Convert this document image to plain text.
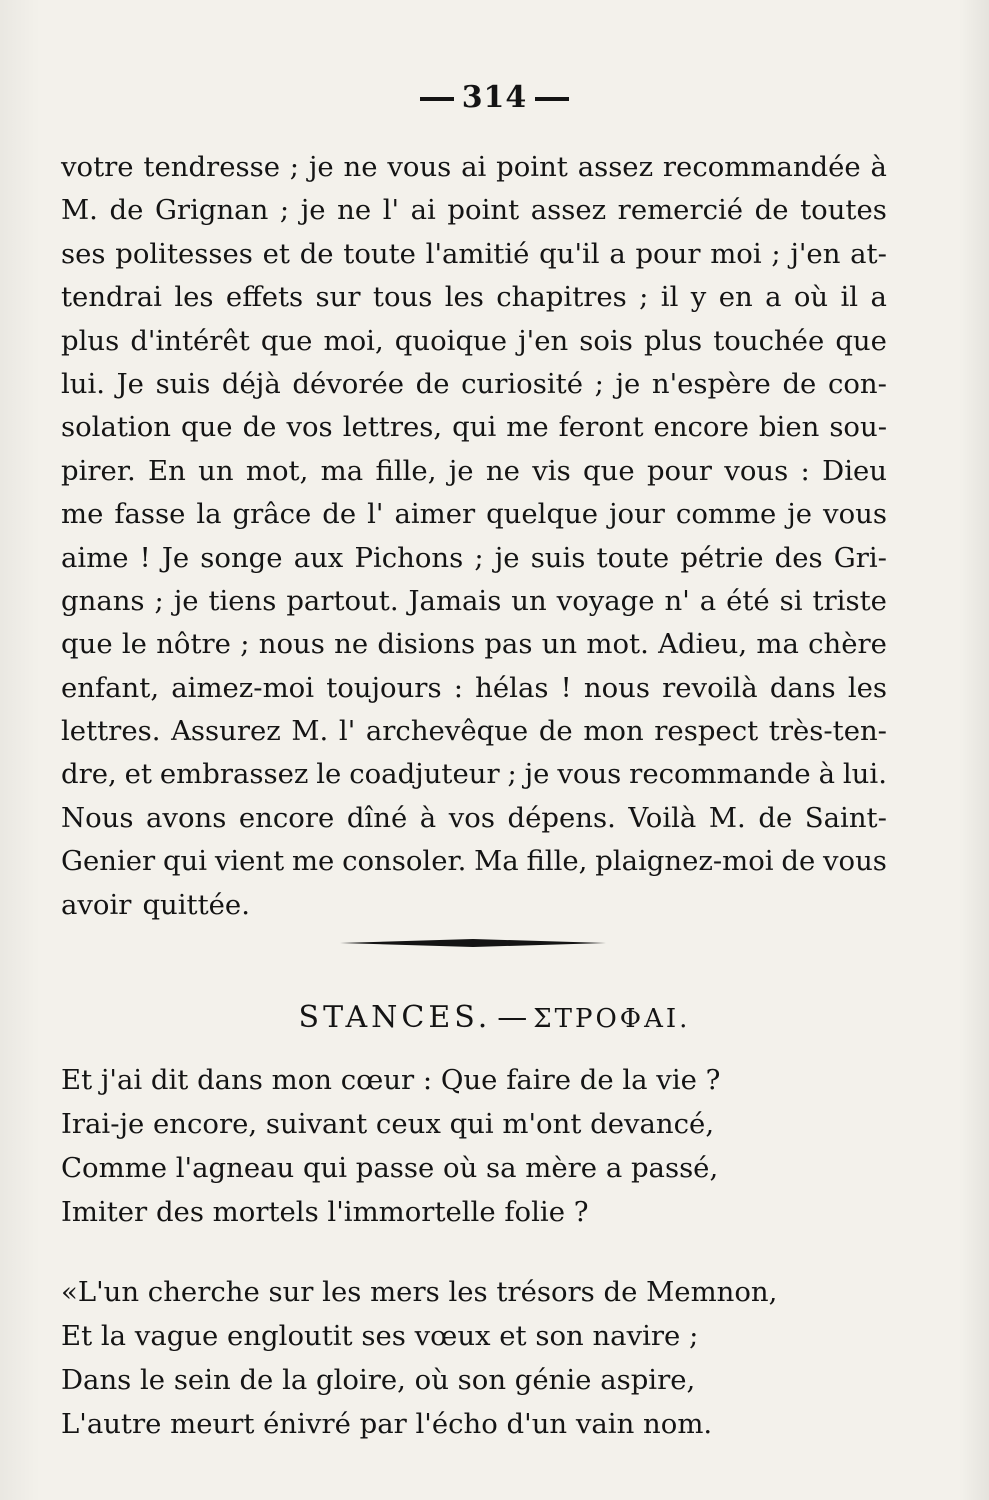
314
votre tendresse ; je ne vous ai point assez recommandée à
M. de Grignan ; je ne l' ai point assez remercié de toutes
ses politesses et de toute l'amitié qu'il a pour moi ; j'en at-
tendrai les effets sur tous les chapitres ; il y en a où il a
plus d'intérêt que moi, quoique j'en sois plus touchée que
lui. Je suis déjà dévorée de curiosité ; je n'espère de con-
solation que de vos lettres, qui me feront encore bien sou-
pirer. En un mot, ma fille, je ne vis que pour vous : Dieu
me fasse la grâce de l' aimer quelque jour comme je vous
aime ! Je songe aux Pichons ; je suis toute pétrie des Gri-
gnans ; je tiens partout. Jamais un voyage n' a été si triste
que le nôtre ; nous ne disions pas un mot. Adieu, ma chère
enfant, aimez-moi toujours : hélas ! nous revoilà dans les
lettres. Assurez M. l' archevêque de mon respect très-ten-
dre, et embrassez le coadjuteur ; je vous recommande à lui.
Nous avons encore dîné à vos dépens. Voilà M. de Saint-
Genier qui vient me consoler. Ma fille, plaignez-moi de vous
avoir quittée.
STANCES. — ΣΤΡΟΦΑΙ.
Et j'ai dit dans mon cœur : Que faire de la vie ?
Irai-je encore, suivant ceux qui m'ont devancé,
Comme l'agneau qui passe où sa mère a passé,
Imiter des mortels l'immortelle folie ?
«L'un cherche sur les mers les trésors de Memnon,
Et la vague engloutit ses vœux et son navire ;
Dans le sein de la gloire, où son génie aspire,
L'autre meurt énivré par l'écho d'un vain nom.
